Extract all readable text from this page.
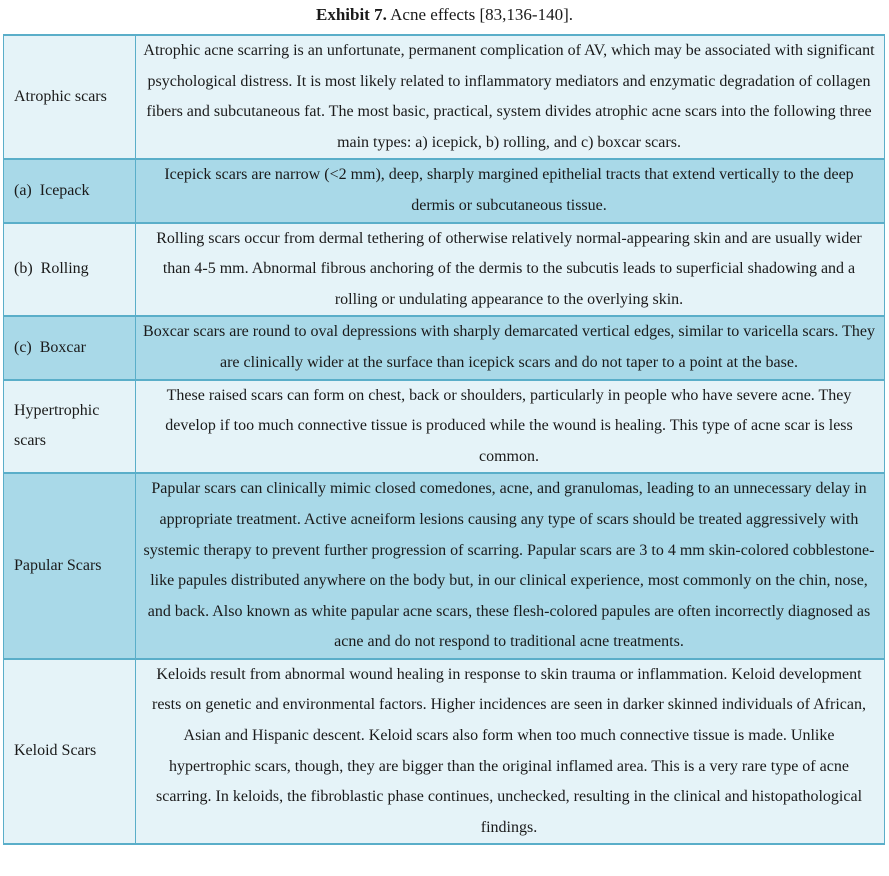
Exhibit 7. Acne effects [83,136-140].
Atrophic scars	Atrophic acne scarring is an unfortunate, permanent complication of AV, which may be associated with significant psychological distress. It is most likely related to inflammatory mediators and enzymatic degradation of collagen fibers and subcutaneous fat. The most basic, practical, system divides atrophic acne scars into the following three main types: a) icepick, b) rolling, and c) boxcar scars.
(a)  Icepack	Icepick scars are narrow (<2 mm), deep, sharply margined epithelial tracts that extend vertically to the deep dermis or subcutaneous tissue.
(b)  Rolling	Rolling scars occur from dermal tethering of otherwise relatively normal-appearing skin and are usually wider than 4-5 mm. Abnormal fibrous anchoring of the dermis to the subcutis leads to superficial shadowing and a rolling or undulating appearance to the overlying skin.
(c)  Boxcar	Boxcar scars are round to oval depressions with sharply demarcated vertical edges, similar to varicella scars. They are clinically wider at the surface than icepick scars and do not taper to a point at the base.
Hypertrophic scars	These raised scars can form on chest, back or shoulders, particularly in people who have severe acne. They develop if too much connective tissue is produced while the wound is healing. This type of acne scar is less common.
Papular Scars	Papular scars can clinically mimic closed comedones, acne, and granulomas, leading to an unnecessary delay in appropriate treatment. Active acneiform lesions causing any type of scars should be treated aggressively with systemic therapy to prevent further progression of scarring. Papular scars are 3 to 4 mm skin-colored cobblestone-like papules distributed anywhere on the body but, in our clinical experience, most commonly on the chin, nose, and back. Also known as white papular acne scars, these flesh-colored papules are often incorrectly diagnosed as acne and do not respond to traditional acne treatments.
Keloid Scars	Keloids result from abnormal wound healing in response to skin trauma or inflammation. Keloid development rests on genetic and environmental factors. Higher incidences are seen in darker skinned individuals of African, Asian and Hispanic descent. Keloid scars also form when too much connective tissue is made. Unlike hypertrophic scars, though, they are bigger than the original inflamed area. This is a very rare type of acne scarring. In keloids, the fibroblastic phase continues, unchecked, resulting in the clinical and histopathological findings.
